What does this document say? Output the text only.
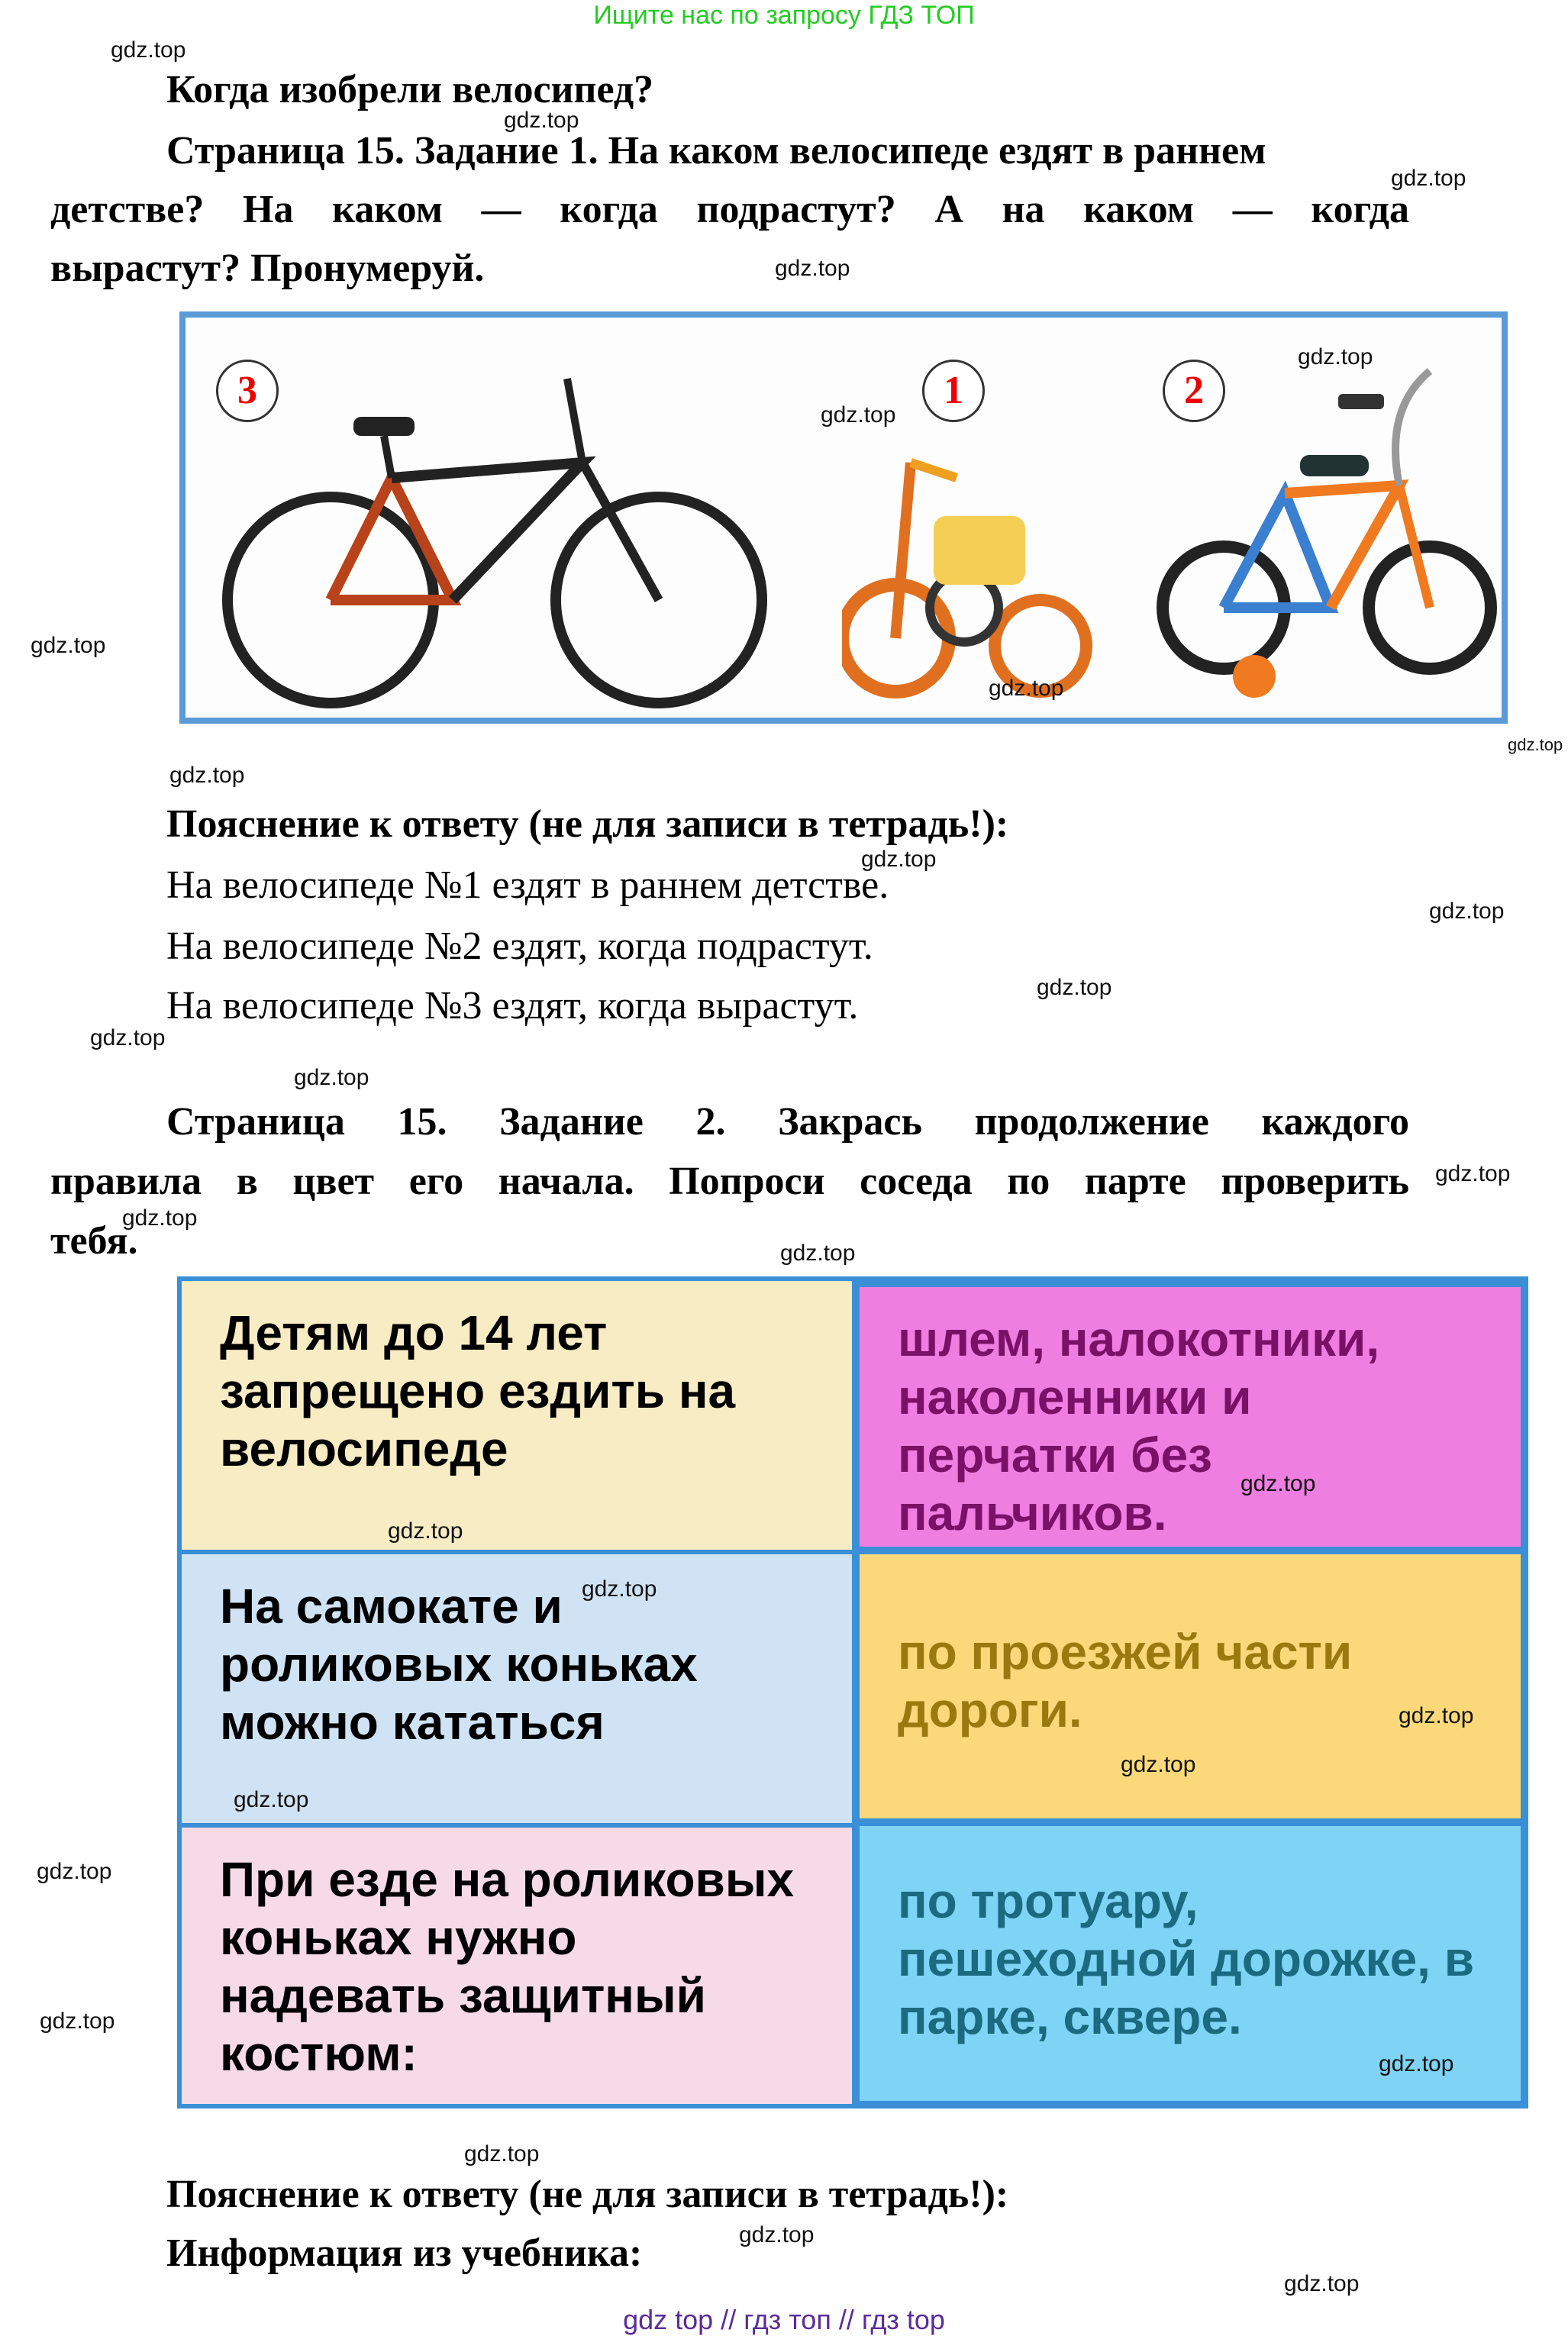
Ищите нас по запросу ГДЗ ТОП
Когда изобрели велосипед?
Страница 15. Задание 1. На каком велосипеде ездят в раннем
детстве? На каком — когда подрастут? А на каком — когда
вырастут? Пронумеруй.
3	1	2
Пояснение к ответу (не для записи в тетрадь!):
На велосипеде №1 ездят в раннем детстве.
На велосипеде №2 ездят, когда подрастут.
На велосипеде №3 ездят, когда вырастут.
Страница 15. Задание 2. Закрась продолжение каждого
правила в цвет его начала. Попроси соседа по парте проверить
тебя.
Детям до 14 лет запрещено ездить на велосипеде
На самокате и роликовых коньках можно кататься
При езде на роликовых коньках нужно надевать защитный костюм:
шлем, налокотники, наколенники и перчатки без пальчиков.
по проезжей части дороги.
по тротуару, пешеходной дорожке, в парке, сквере.
Пояснение к ответу (не для записи в тетрадь!):
Информация из учебника:
gdz.top
gdz.top
gdz.top
gdz.top
gdz.top
gdz.top
gdz.top
gdz.top
gdz.top
gdz.top
gdz.top
gdz.top
gdz.top
gdz.top
gdz.top
gdz.top
gdz.top
gdz.top
gdz.top
gdz.top
gdz.top
gdz.top
gdz.top
gdz.top
gdz.top
gdz.top
gdz.top
gdz.top
gdz.top
gdz.top
gdz top // гдз топ // гдз top
